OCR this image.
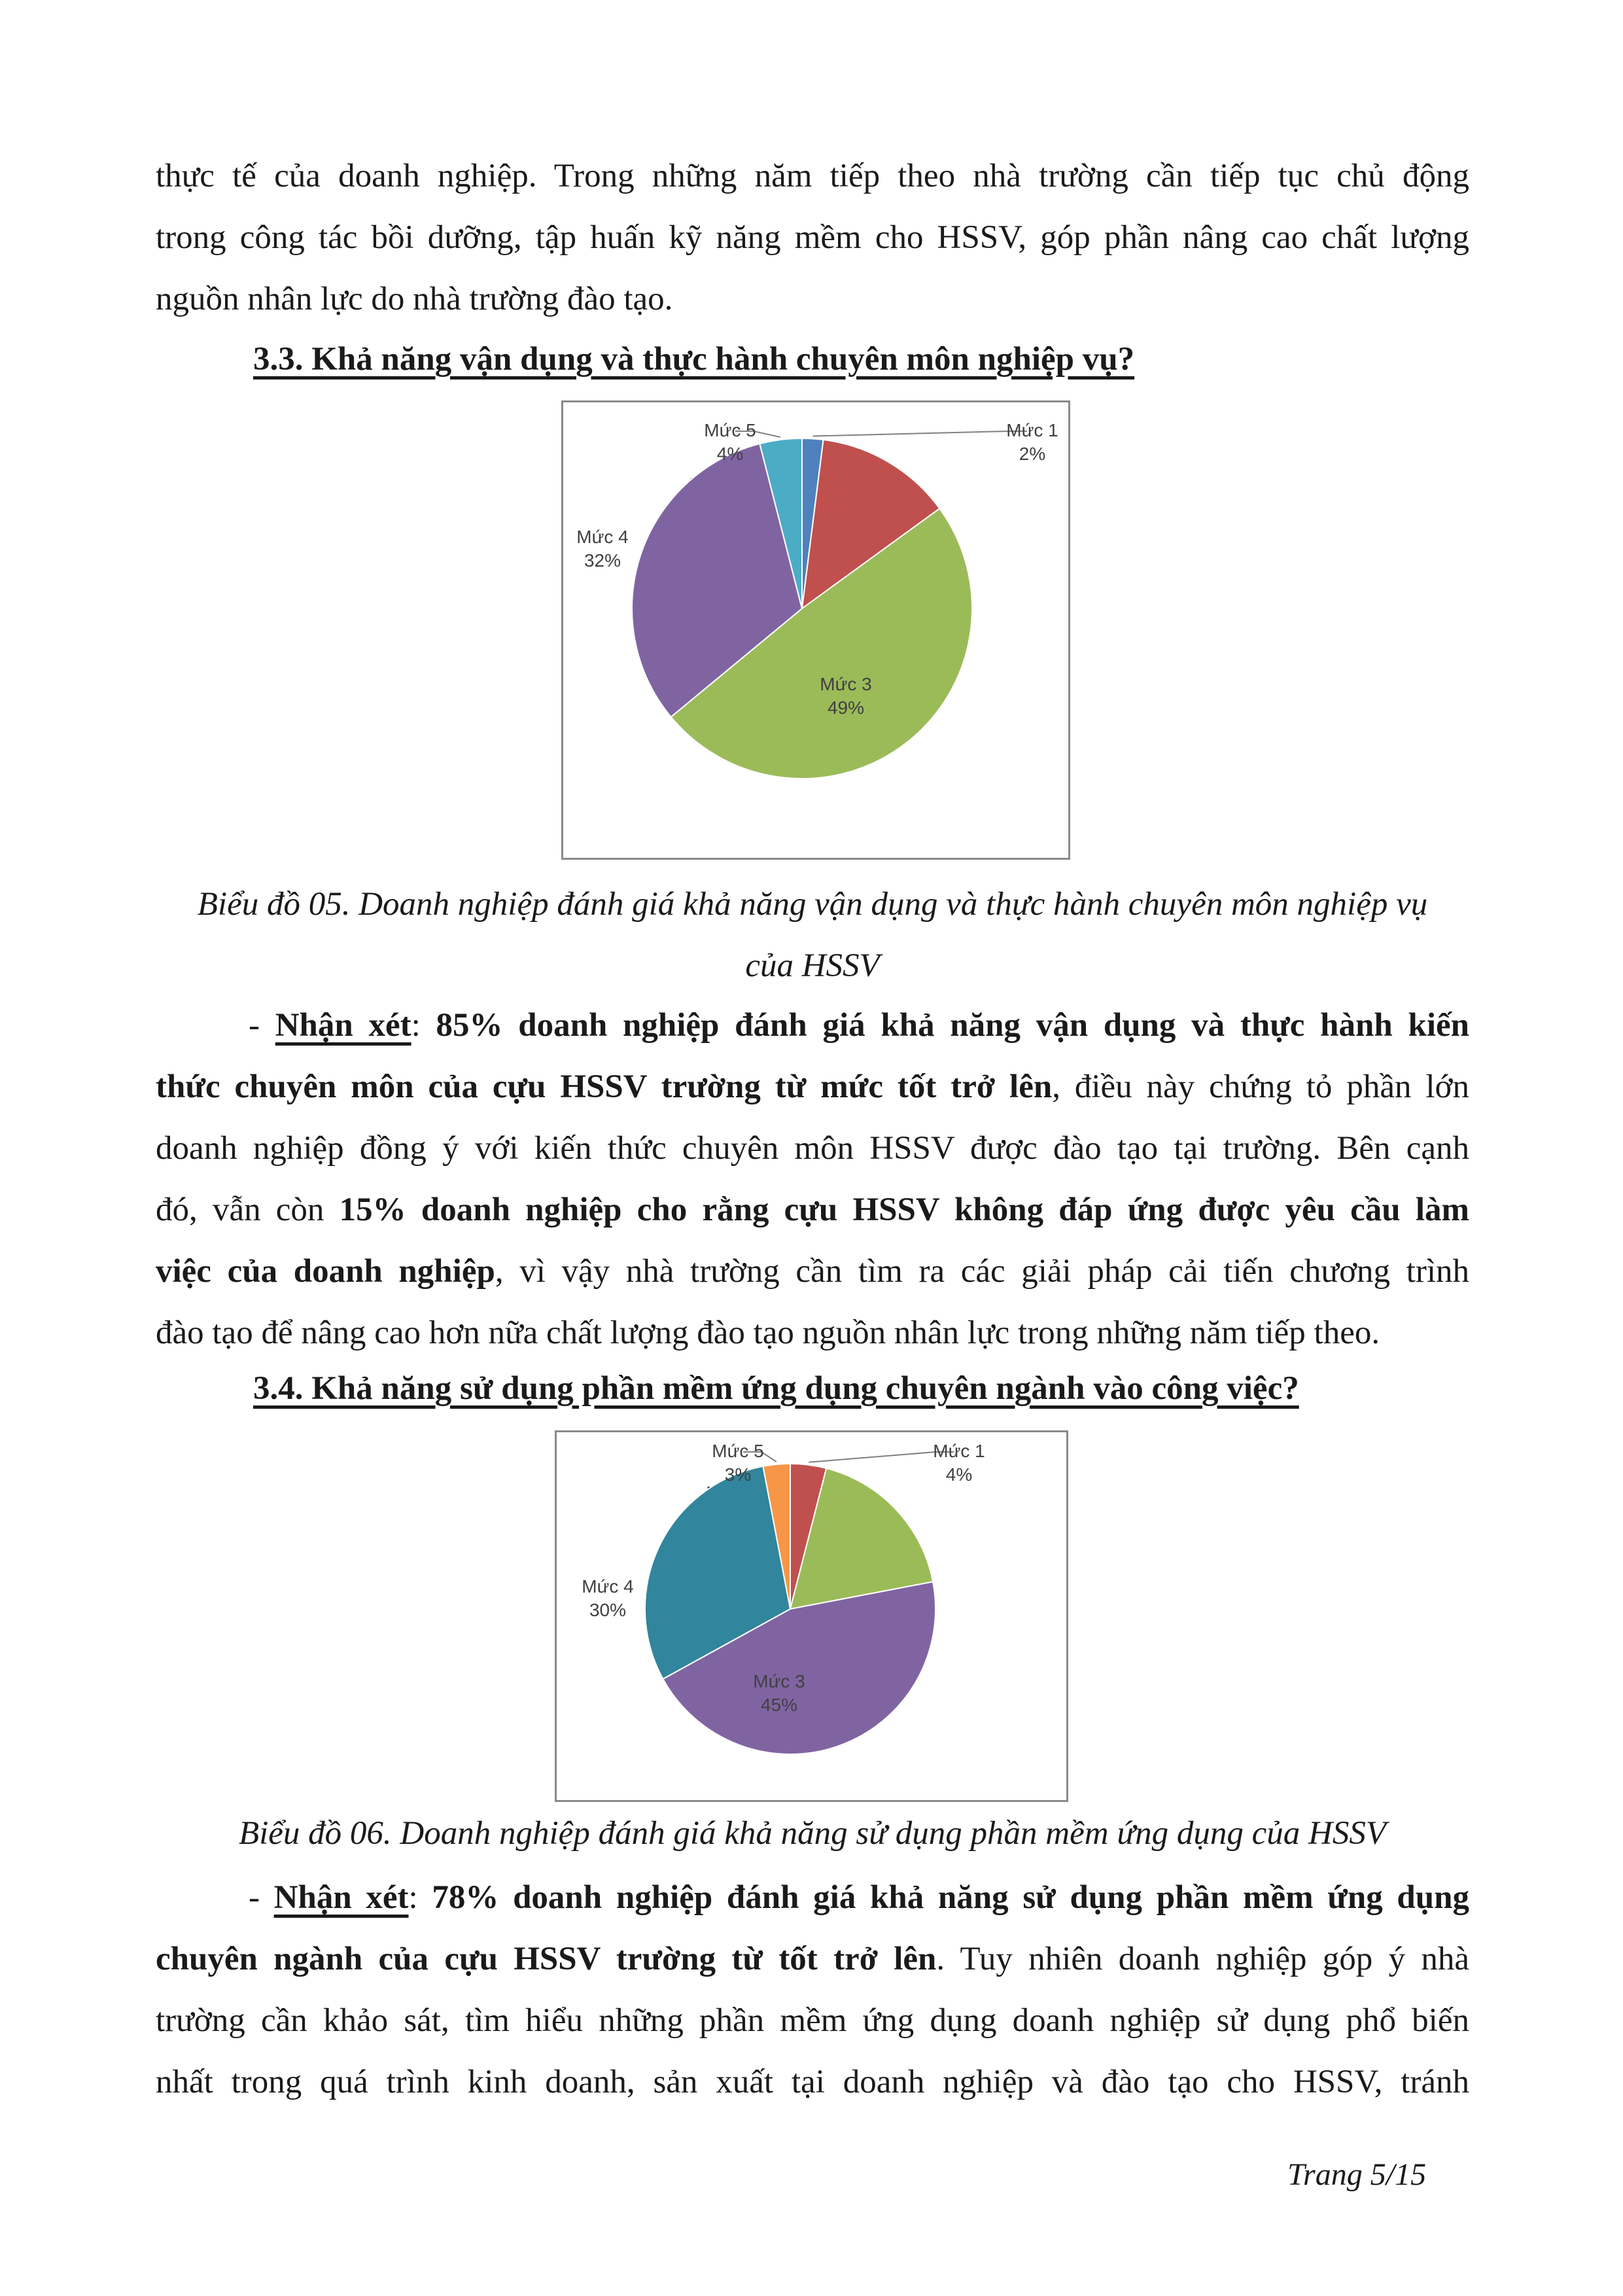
thực tế của doanh nghiệp. Trong những năm tiếp theo nhà trường cần tiếp tục chủ động
trong công tác bồi dưỡng, tập huấn kỹ năng mềm cho HSSV, góp phần nâng cao chất lượng
nguồn nhân lực do nhà trường đào tạo.
3.3. Khả năng vận dụng và thực hành chuyên môn nghiệp vụ?
Mức 1
2%
Mức 3
49%
Mức 4
32%
Mức 5
4%
Biểu đồ 05. Doanh nghiệp đánh giá khả năng vận dụng và thực hành chuyên môn nghiệp vụ
của HSSV
- Nhận xét: 85% doanh nghiệp đánh giá khả năng vận dụng và thực hành kiến
thức chuyên môn của cựu HSSV trường từ mức tốt trở lên, điều này chứng tỏ phần lớn
doanh nghiệp đồng ý với kiến thức chuyên môn HSSV được đào tạo tại trường. Bên cạnh
đó, vẫn còn 15% doanh nghiệp cho rằng cựu HSSV không đáp ứng được yêu cầu làm
việc của doanh nghiệp, vì vậy nhà trường cần tìm ra các giải pháp cải tiến chương trình
đào tạo để nâng cao hơn nữa chất lượng đào tạo nguồn nhân lực trong những năm tiếp theo.
3.4. Khả năng sử dụng phần mềm ứng dụng chuyên ngành vào công việc?
Mức 1
4%
Mức 3
45%
Mức 4
30%
Mức 5
3%
Biểu đồ 06. Doanh nghiệp đánh giá khả năng sử dụng phần mềm ứng dụng của HSSV
- Nhận xét: 78% doanh nghiệp đánh giá khả năng sử dụng phần mềm ứng dụng
chuyên ngành của cựu HSSV trường từ tốt trở lên. Tuy nhiên doanh nghiệp góp ý nhà
trường cần khảo sát, tìm hiểu những phần mềm ứng dụng doanh nghiệp sử dụng phổ biến
nhất trong quá trình kinh doanh, sản xuất tại doanh nghiệp và đào tạo cho HSSV, tránh
Trang 5/15
